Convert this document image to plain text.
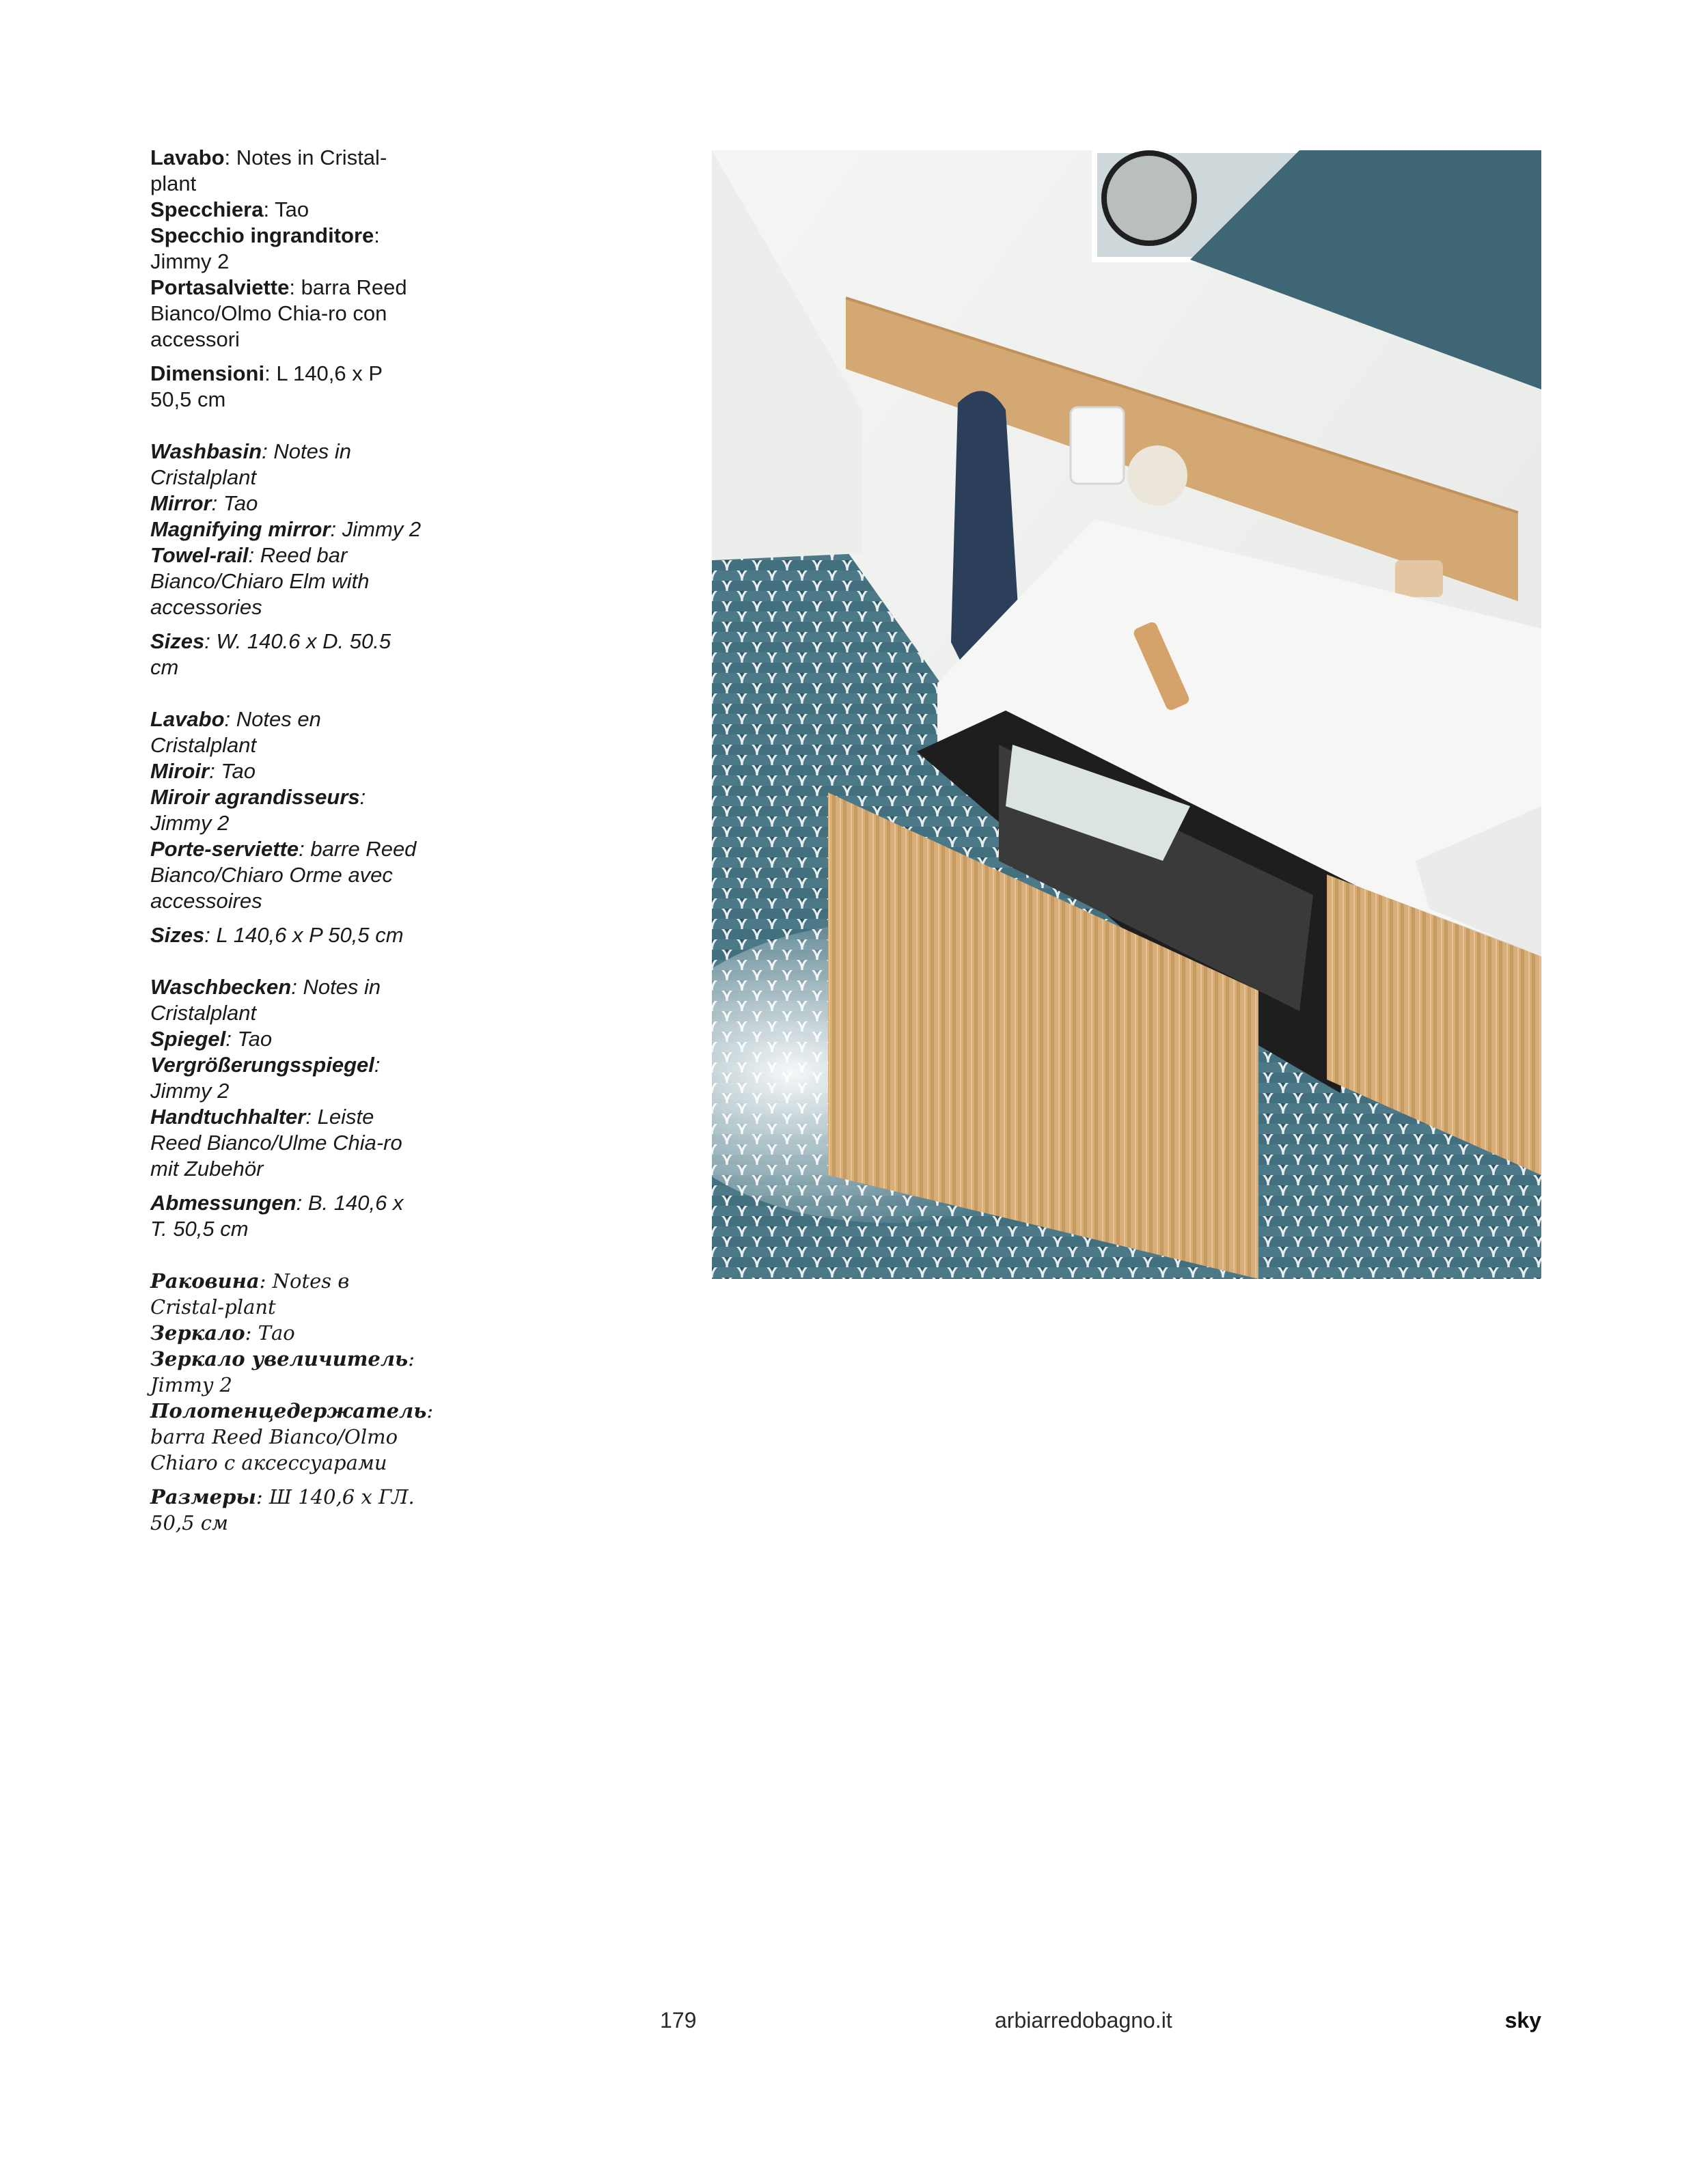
Lavabo: Notes in Cristal-plant

Specchiera: Tao

Specchio ingranditore: Jimmy 2

Portasalviette: barra Reed Bianco/Olmo Chia-ro con accessori

Dimensioni: L 140,6 x P 50,5 cm

Washbasin: Notes in Cristalplant

Mirror: Tao

Magnifying mirror: Jimmy 2

Towel-rail: Reed bar Bianco/Chiaro Elm with accessories

Sizes: W. 140.6 x D. 50.5 cm

Lavabo: Notes en Cristalplant

Miroir: Tao

Miroir agrandisseurs: Jimmy 2

Porte-serviette: barre Reed Bianco/Chiaro Orme avec accessoires

Sizes: L 140,6 x P 50,5 cm

Waschbecken: Notes in Cristalplant

Spiegel: Tao

Vergrößerungsspiegel: Jimmy 2

Handtuchhalter: Leiste Reed Bianco/Ulme Chia-ro mit Zubehör

Abmessungen: B. 140,6 x T. 50,5 cm

Раковина: Notes в Cristal-plant

Зеркало: Тао

Зеркало увеличитель: Jimmy 2

Полотенцедержатель: barra Reed Bianco/Olmo Chiaro с аксессуарами

Размеры: Ш 140,6 x ГЛ. 50,5 см

179	arbiarredobagno.it	sky
